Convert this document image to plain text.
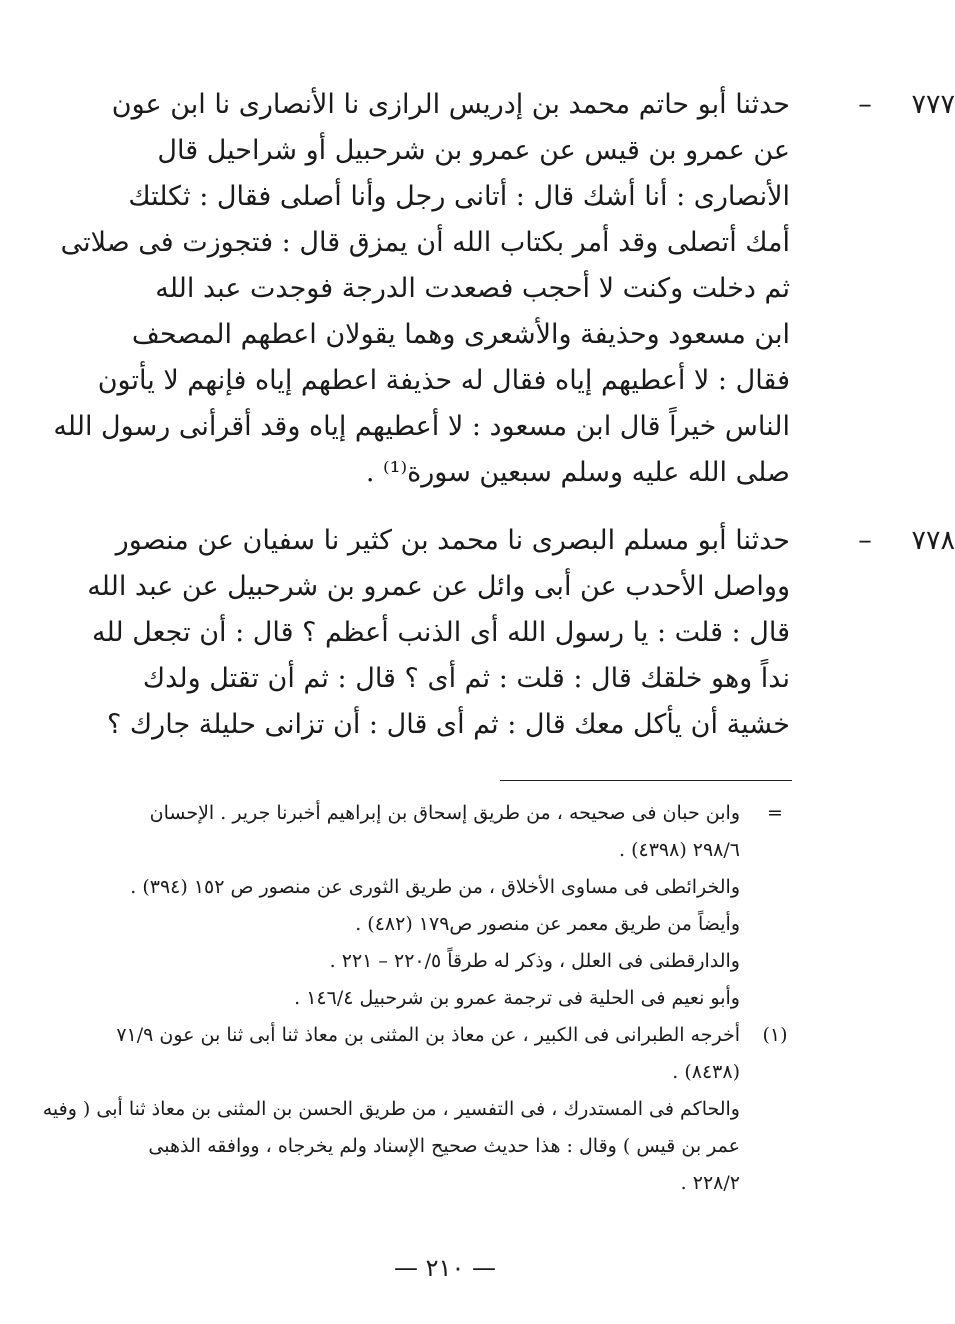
٧٧٧
–
حدثنا أبو حاتم محمد بن إدريس الرازى نا الأنصارى نا ابن عون
عن عمرو بن قيس عن عمرو بن شرحبيل أو شراحيل قال
الأنصارى : أنا أشك قال : أتانى رجل وأنا أصلى فقال : ثكلتك
أمك أتصلى وقد أمر بكتاب الله أن يمزق قال : فتجوزت فى صلاتى
ثم دخلت وكنت لا أحجب فصعدت الدرجة فوجدت عبد الله
ابن مسعود وحذيفة والأشعرى وهما يقولان اعطهم المصحف
فقال : لا أعطيهم إياه فقال له حذيفة اعطهم إياه فإنهم لا يأتون
الناس خيراً قال ابن مسعود : لا أعطيهم إياه وقد أقرأنى رسول الله
صلى الله عليه وسلم سبعين سورة⁽¹⁾ .
٧٧٨
–
حدثنا أبو مسلم البصرى نا محمد بن كثير نا سفيان عن منصور
وواصل الأحدب عن أبى وائل عن عمرو بن شرحبيل عن عبد الله
قال : قلت : يا رسول الله أى الذنب أعظم ؟ قال : أن تجعل لله
نداً وهو خلقك قال : قلت : ثم أى ؟ قال : ثم أن تقتل ولدك
خشية أن يأكل معك قال : ثم أى قال : أن تزانى حليلة جارك ؟
=
وابن حبان فى صحيحه ، من طريق إسحاق بن إبراهيم أخبرنا جرير . الإحسان
٢٩٨/٦ (٤٣٩٨) .
والخرائطى فى مساوى الأخلاق ، من طريق الثورى عن منصور ص ١٥٢ (٣٩٤) .
وأيضاً من طريق معمر عن منصور ص١٧٩ (٤٨٢) .
والدارقطنى فى العلل ، وذكر له طرقاً ٢٢٠/٥ – ٢٢١ .
وأبو نعيم فى الحلية فى ترجمة عمرو بن شرحبيل ١٤٦/٤ .
(١)
أخرجه الطبرانى فى الكبير ، عن معاذ بن المثنى بن معاذ ثنا أبى ثنا بن عون ٧١/٩
(٨٤٣٨) .
والحاكم فى المستدرك ، فى التفسير ، من طريق الحسن بن المثنى بن معاذ ثنا أبى ( وفيه
عمر بن قيس ) وقال : هذا حديث صحيح الإسناد ولم يخرجاه ، ووافقه الذهبى
٢٢٨/٢ .
— ٢١٠ —
